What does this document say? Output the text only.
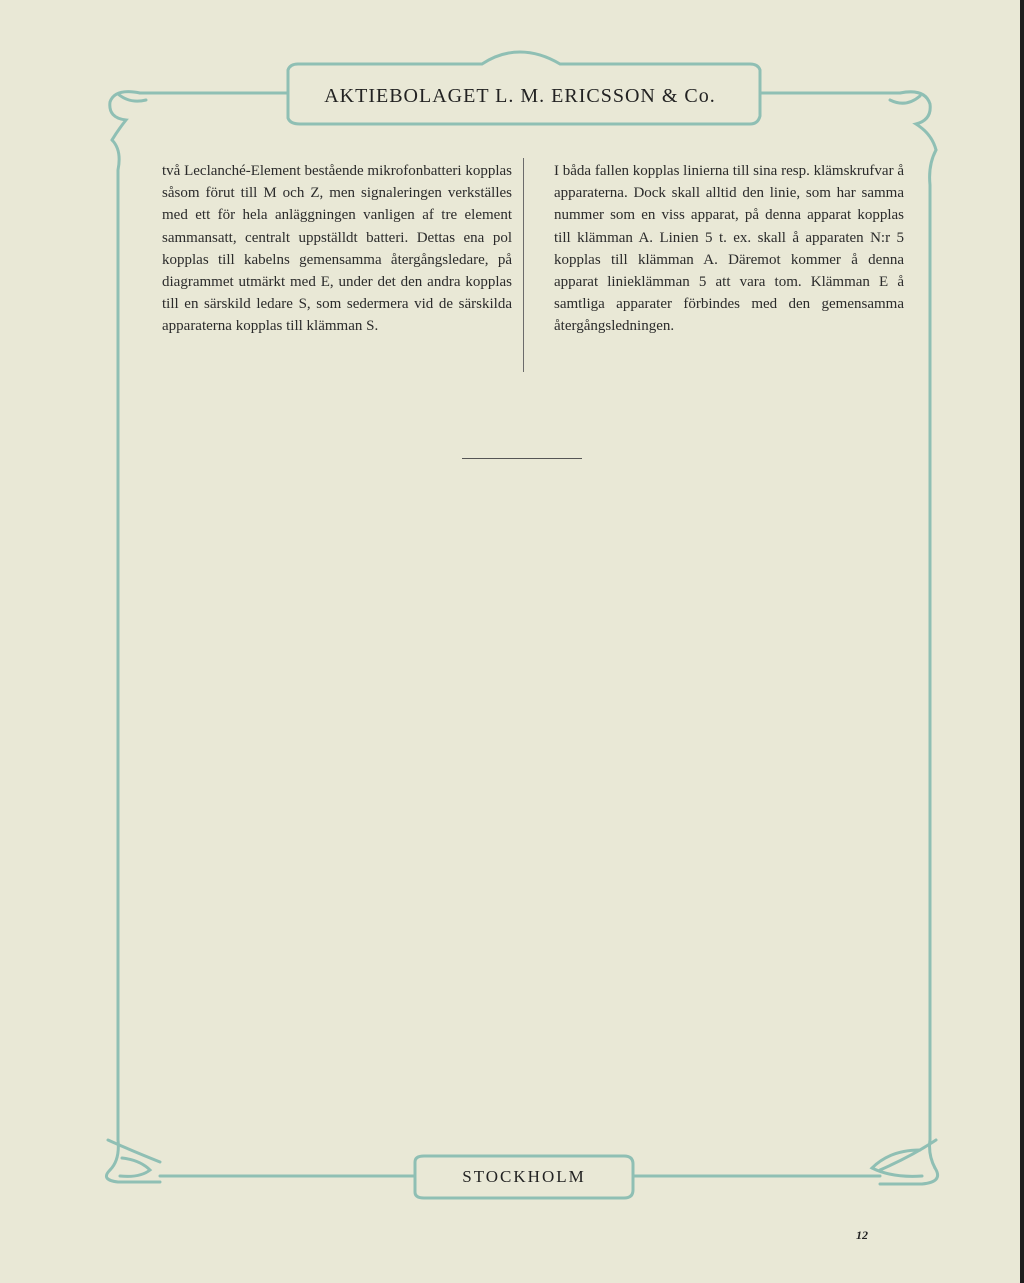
AKTIEBOLAGET L. M. ERICSSON & Co.

två Leclanché-Element bestående mikrofonbatteri kopplas såsom förut till M och Z, men signaleringen verkställes med ett för hela anläggningen vanligen af tre element sammansatt, centralt uppställdt batteri. Dettas ena pol kopplas till kabelns gemensamma återgångsledare, på diagrammet utmärkt med E, under det den andra kopplas till en särskild ledare S, som sedermera vid de särskilda apparaterna kopplas till klämman S.

I båda fallen kopplas linierna till sina resp. klämskrufvar å apparaterna. Dock skall alltid den linie, som har samma nummer som en viss apparat, på denna apparat kopplas till klämman A. Linien 5 t. ex. skall å apparaten N:r 5 kopplas till klämman A. Däremot kommer å denna apparat linieklämman 5 att vara tom. Klämman E å samtliga apparater förbindes med den gemensamma återgångsledningen.

STOCKHOLM
12
